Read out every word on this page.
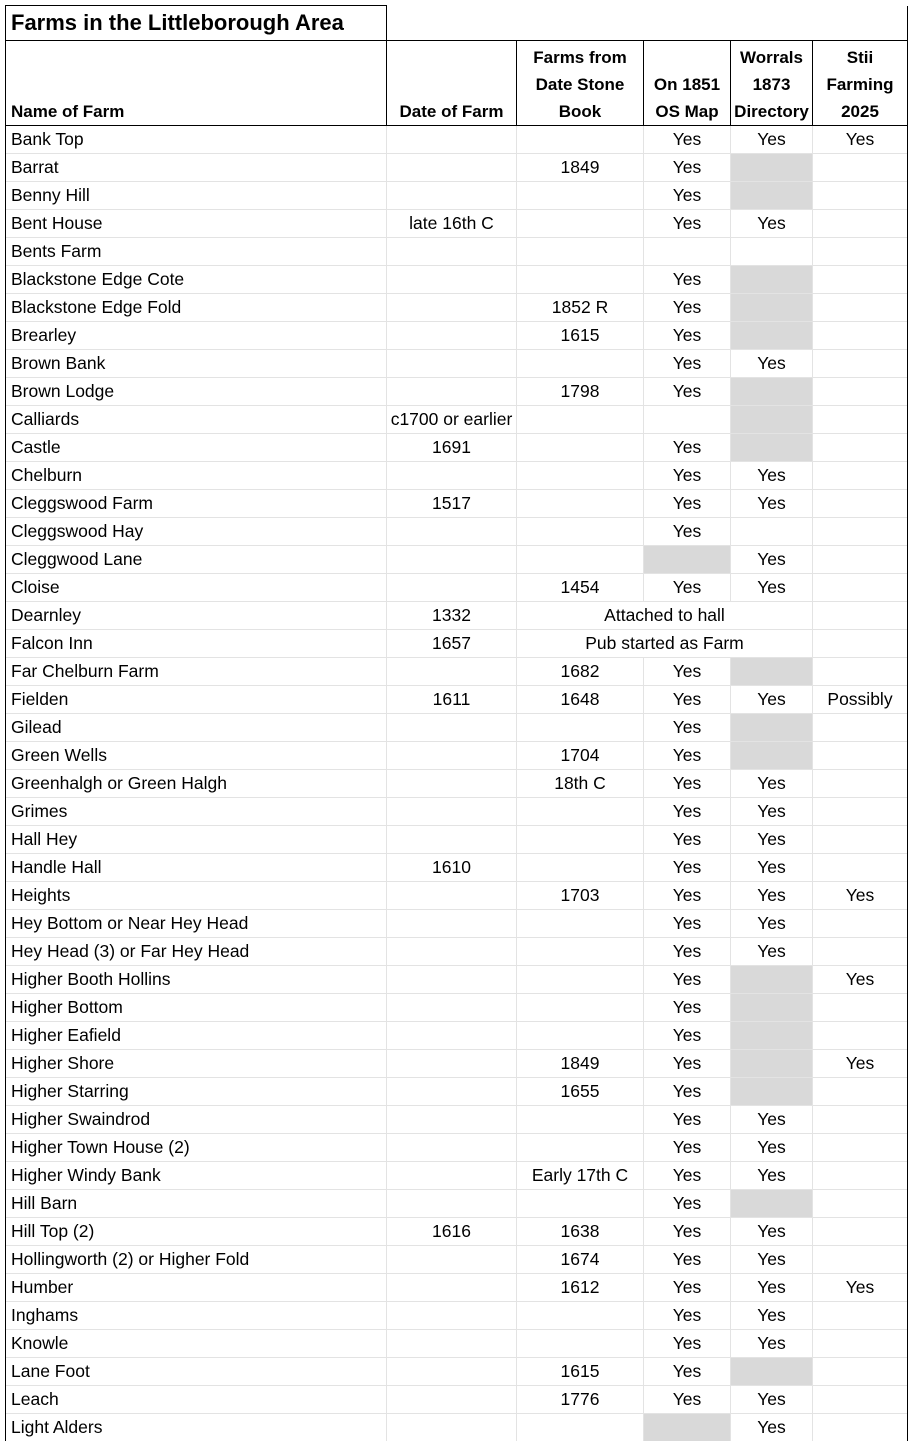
Farms in the Littleborough Area					
Name of Farm	Date of Farm	Farms from Date Stone Book	On 1851 OS Map	Worrals 1873 Directory	Stii Farming 2025
Bank Top			Yes	Yes	Yes
Barrat		1849	Yes		
Benny Hill			Yes		
Bent House	late 16th C		Yes	Yes	
Bents Farm					
Blackstone Edge Cote			Yes		
Blackstone Edge Fold		1852 R	Yes		
Brearley		1615	Yes		
Brown Bank			Yes	Yes	
Brown Lodge		1798	Yes		
Calliards	c1700 or earlier				
Castle	1691		Yes		
Chelburn			Yes	Yes	
Cleggswood Farm	1517		Yes	Yes	
Cleggswood Hay			Yes		
Cleggwood Lane				Yes	
Cloise		1454	Yes	Yes	
Dearnley	1332	Attached to hall			
Falcon Inn	1657	Pub started as Farm			
Far Chelburn Farm		1682	Yes		
Fielden	1611	1648	Yes	Yes	Possibly
Gilead			Yes		
Green Wells		1704	Yes		
Greenhalgh or Green Halgh		18th C	Yes	Yes	
Grimes			Yes	Yes	
Hall Hey			Yes	Yes	
Handle Hall	1610		Yes	Yes	
Heights		1703	Yes	Yes	Yes
Hey Bottom or Near Hey Head			Yes	Yes	
Hey Head (3) or Far Hey Head			Yes	Yes	
Higher Booth Hollins			Yes		Yes
Higher Bottom			Yes		
Higher Eafield			Yes		
Higher Shore		1849	Yes		Yes
Higher Starring		1655	Yes		
Higher Swaindrod			Yes	Yes	
Higher Town House (2)			Yes	Yes	
Higher Windy Bank		Early 17th C	Yes	Yes	
Hill Barn			Yes		
Hill Top (2)	1616	1638	Yes	Yes	
Hollingworth (2) or Higher Fold		1674	Yes	Yes	
Humber		1612	Yes	Yes	Yes
Inghams			Yes	Yes	
Knowle			Yes	Yes	
Lane Foot		1615	Yes		
Leach		1776	Yes	Yes	
Light Alders				Yes	
